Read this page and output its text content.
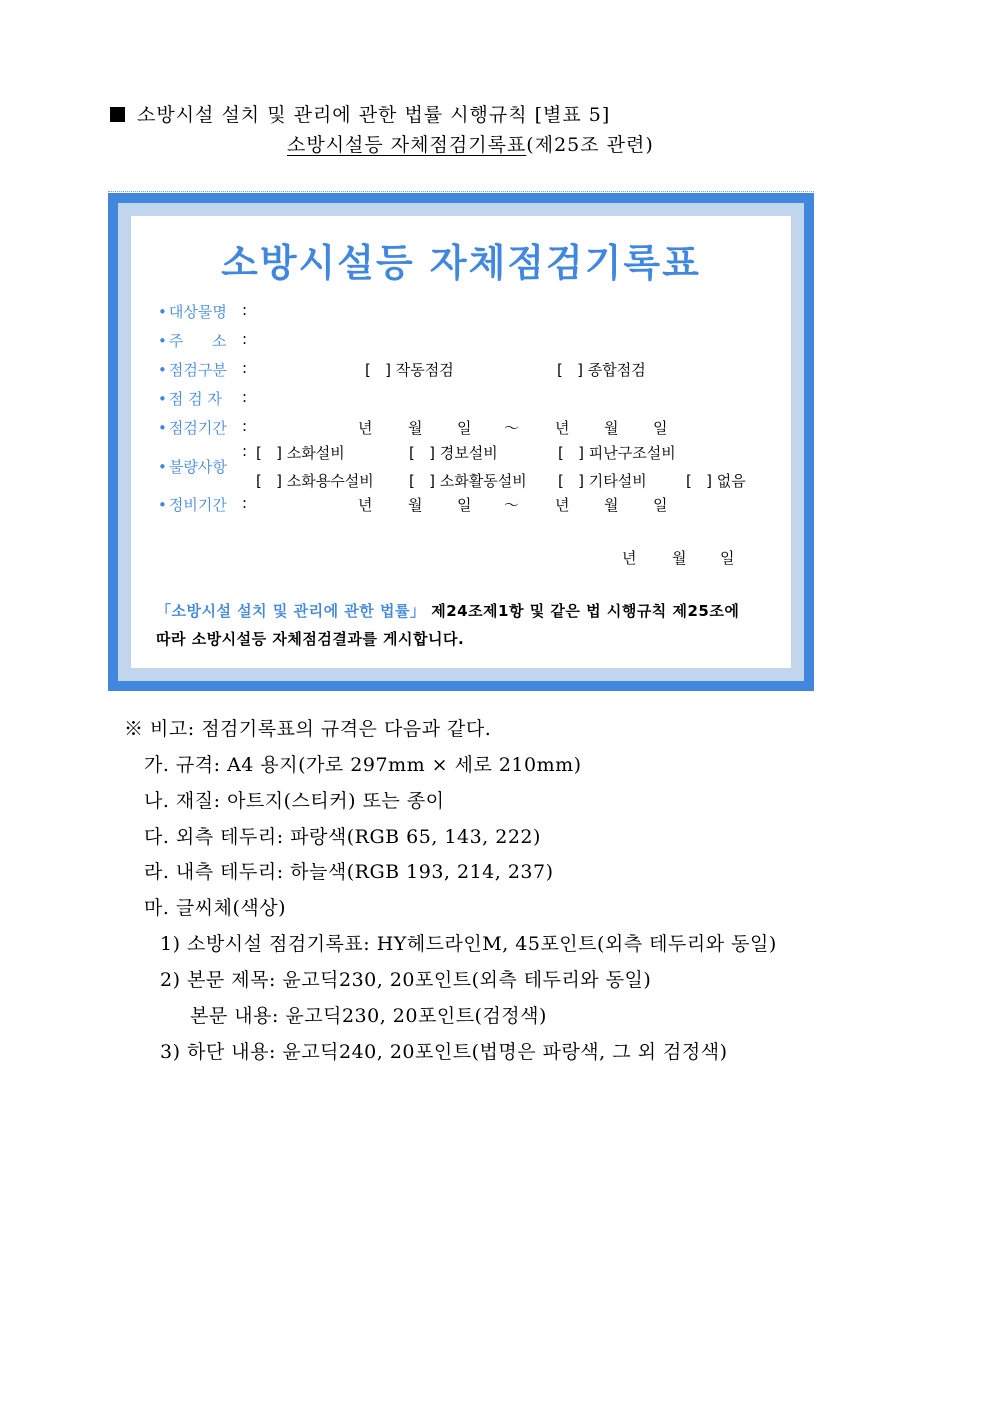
소방시설 설치 및 관리에 관한 법률 시행규칙 [별표 5]
소방시설등 자체점검기록표(제25조 관련)
소방시설등 자체점검기록표
• 대상물명 :
• 주      소 :
• 점검구분 :	[   ] 작동점검	[   ] 종합점검
• 점 검 자 :
• 점검기간 :	년 월 일 ～ 년 월 일
• 불량사항
: [   ] 소화설비	[   ] 경보설비	[   ] 피난구조설비
[   ] 소화용수설비 [   ] 소화활동설비 [   ] 기타설비	[   ] 없음
• 정비기간 :	년 월 일 ～ 년 월 일
년 월 일
「소방시설 설치 및 관리에 관한 법률」 제24조제1항 및 같은 법 시행규칙 제25조에
따라 소방시설등 자체점검결과를 게시합니다.
※ 비고: 점검기록표의 규격은 다음과 같다.
가. 규격: A4 용지(가로 297mm × 세로 210mm)
나. 재질: 아트지(스티커) 또는 종이
다. 외측 테두리: 파랑색(RGB 65, 143, 222)
라. 내측 테두리: 하늘색(RGB 193, 214, 237)
마. 글씨체(색상)
1) 소방시설 점검기록표: HY헤드라인M, 45포인트(외측 테두리와 동일)
2) 본문 제목: 윤고딕230, 20포인트(외측 테두리와 동일)
본문 내용: 윤고딕230, 20포인트(검정색)
3) 하단 내용: 윤고딕240, 20포인트(법명은 파랑색, 그 외 검정색)
